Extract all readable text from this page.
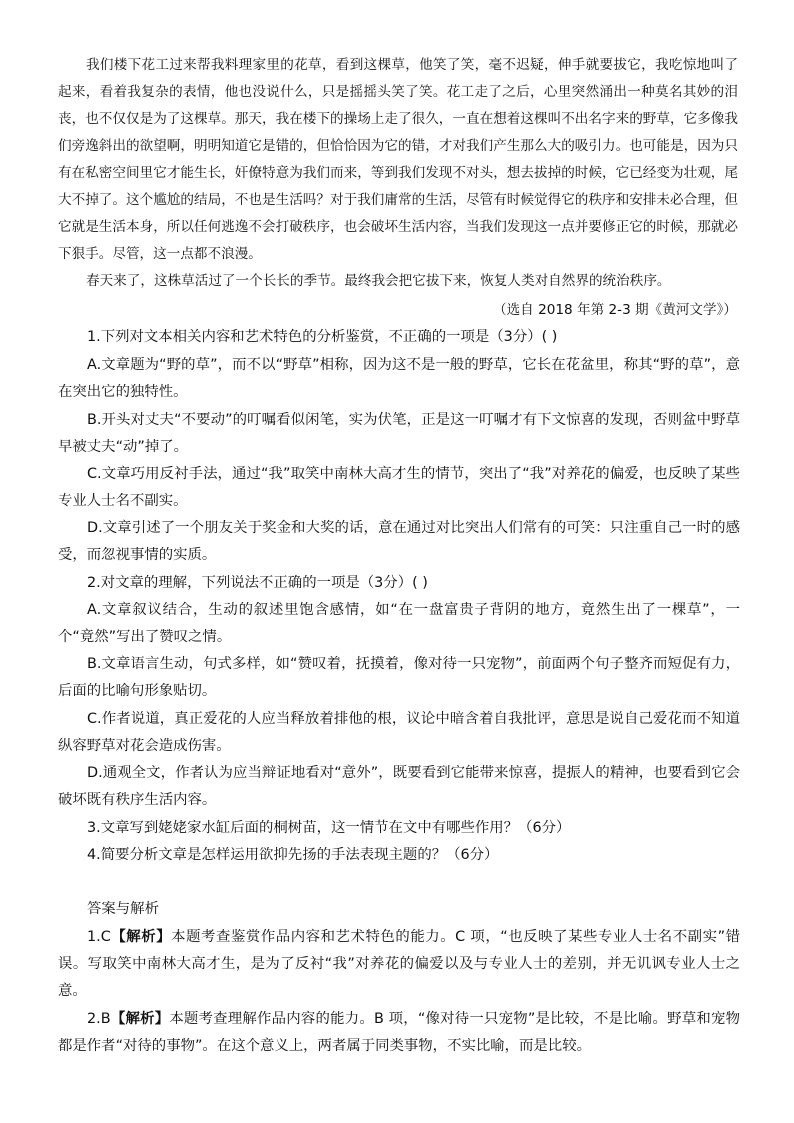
我们楼下花工过来帮我料理家里的花草，看到这棵草，他笑了笑，毫不迟疑，伸手就要拔它，我吃惊地叫了起来，看着我复杂的表情，他也没说什么，只是摇摇头笑了笑。花工走了之后，心里突然涌出一种莫名其妙的泪丧，也不仅仅是为了这棵草。那天，我在楼下的操场上走了很久，一直在想着这棵叫不出名字来的野草，它多像我们旁逸斜出的欲望啊，明明知道它是错的，但恰恰因为它的错，才对我们产生那么大的吸引力。也可能是，因为只有在私密空间里它才能生长，奸僚特意为我们而来，等到我们发现不对头，想去拔掉的时候，它已经变为壮观，尾大不掉了。这个尴尬的结局，不也是生活吗？对于我们庸常的生活，尽管有时候觉得它的秩序和安排未必合理，但它就是生活本身，所以任何逃逸不会打破秩序，也会破坏生活内容，当我们发现这一点并要修正它的时候，那就必下狠手。尽管，这一点都不浪漫。

春天来了，这株草活过了一个长长的季节。最终我会把它拔下来，恢复人类对自然界的统治秩序。

（选自 2018 年第 2-3 期《黄河文学》）

1.下列对文本相关内容和艺术特色的分析鉴赏，不正确的一项是（3分）( )

A.文章题为“野的草”，而不以“野草”相称，因为这不是一般的野草，它长在花盆里，称其“野的草”，意在突出它的独特性。

B.开头对丈夫“不要动”的叮嘱看似闲笔，实为伏笔，正是这一叮嘱才有下文惊喜的发现，否则盆中野草早被丈夫“动”掉了。

C.文章巧用反衬手法，通过“我”取笑中南林大高才生的情节，突出了“我”对养花的偏爱，也反映了某些专业人士名不副实。

D.文章引述了一个朋友关于奖金和大奖的话，意在通过对比突出人们常有的可笑：只注重自己一时的感受，而忽视事情的实质。

2.对文章的理解，下列说法不正确的一项是（3分）( )

A.文章叙议结合，生动的叙述里饱含感情，如“在一盘富贵子背阴的地方，竟然生出了一棵草”，一个“竟然”写出了赞叹之情。

B.文章语言生动，句式多样，如“赞叹着，抚摸着，像对待一只宠物”，前面两个句子整齐而短促有力，后面的比喻句形象贴切。

C.作者说道，真正爱花的人应当释放着排他的根，议论中暗含着自我批评，意思是说自己爱花而不知道纵容野草对花会造成伤害。

D.通观全文，作者认为应当辩证地看对“意外”，既要看到它能带来惊喜，提振人的精神，也要看到它会破坏既有秩序生活内容。

3.文章写到姥姥家水缸后面的桐树苗，这一情节在文中有哪些作用？（6分）

4.简要分析文章是怎样运用欲抑先扬的手法表现主题的？（6分）

答案与解析

1.C【解析】本题考查鉴赏作品内容和艺术特色的能力。C 项，“也反映了某些专业人士名不副实”错误。写取笑中南林大高才生，是为了反衬“我”对养花的偏爱以及与专业人士的差别，并无讥讽专业人士之意。

2.B【解析】本题考查理解作品内容的能力。B 项，“像对待一只宠物”是比较，不是比喻。野草和宠物都是作者“对待的事物”。在这个意义上，两者属于同类事物，不实比喻，而是比较。
